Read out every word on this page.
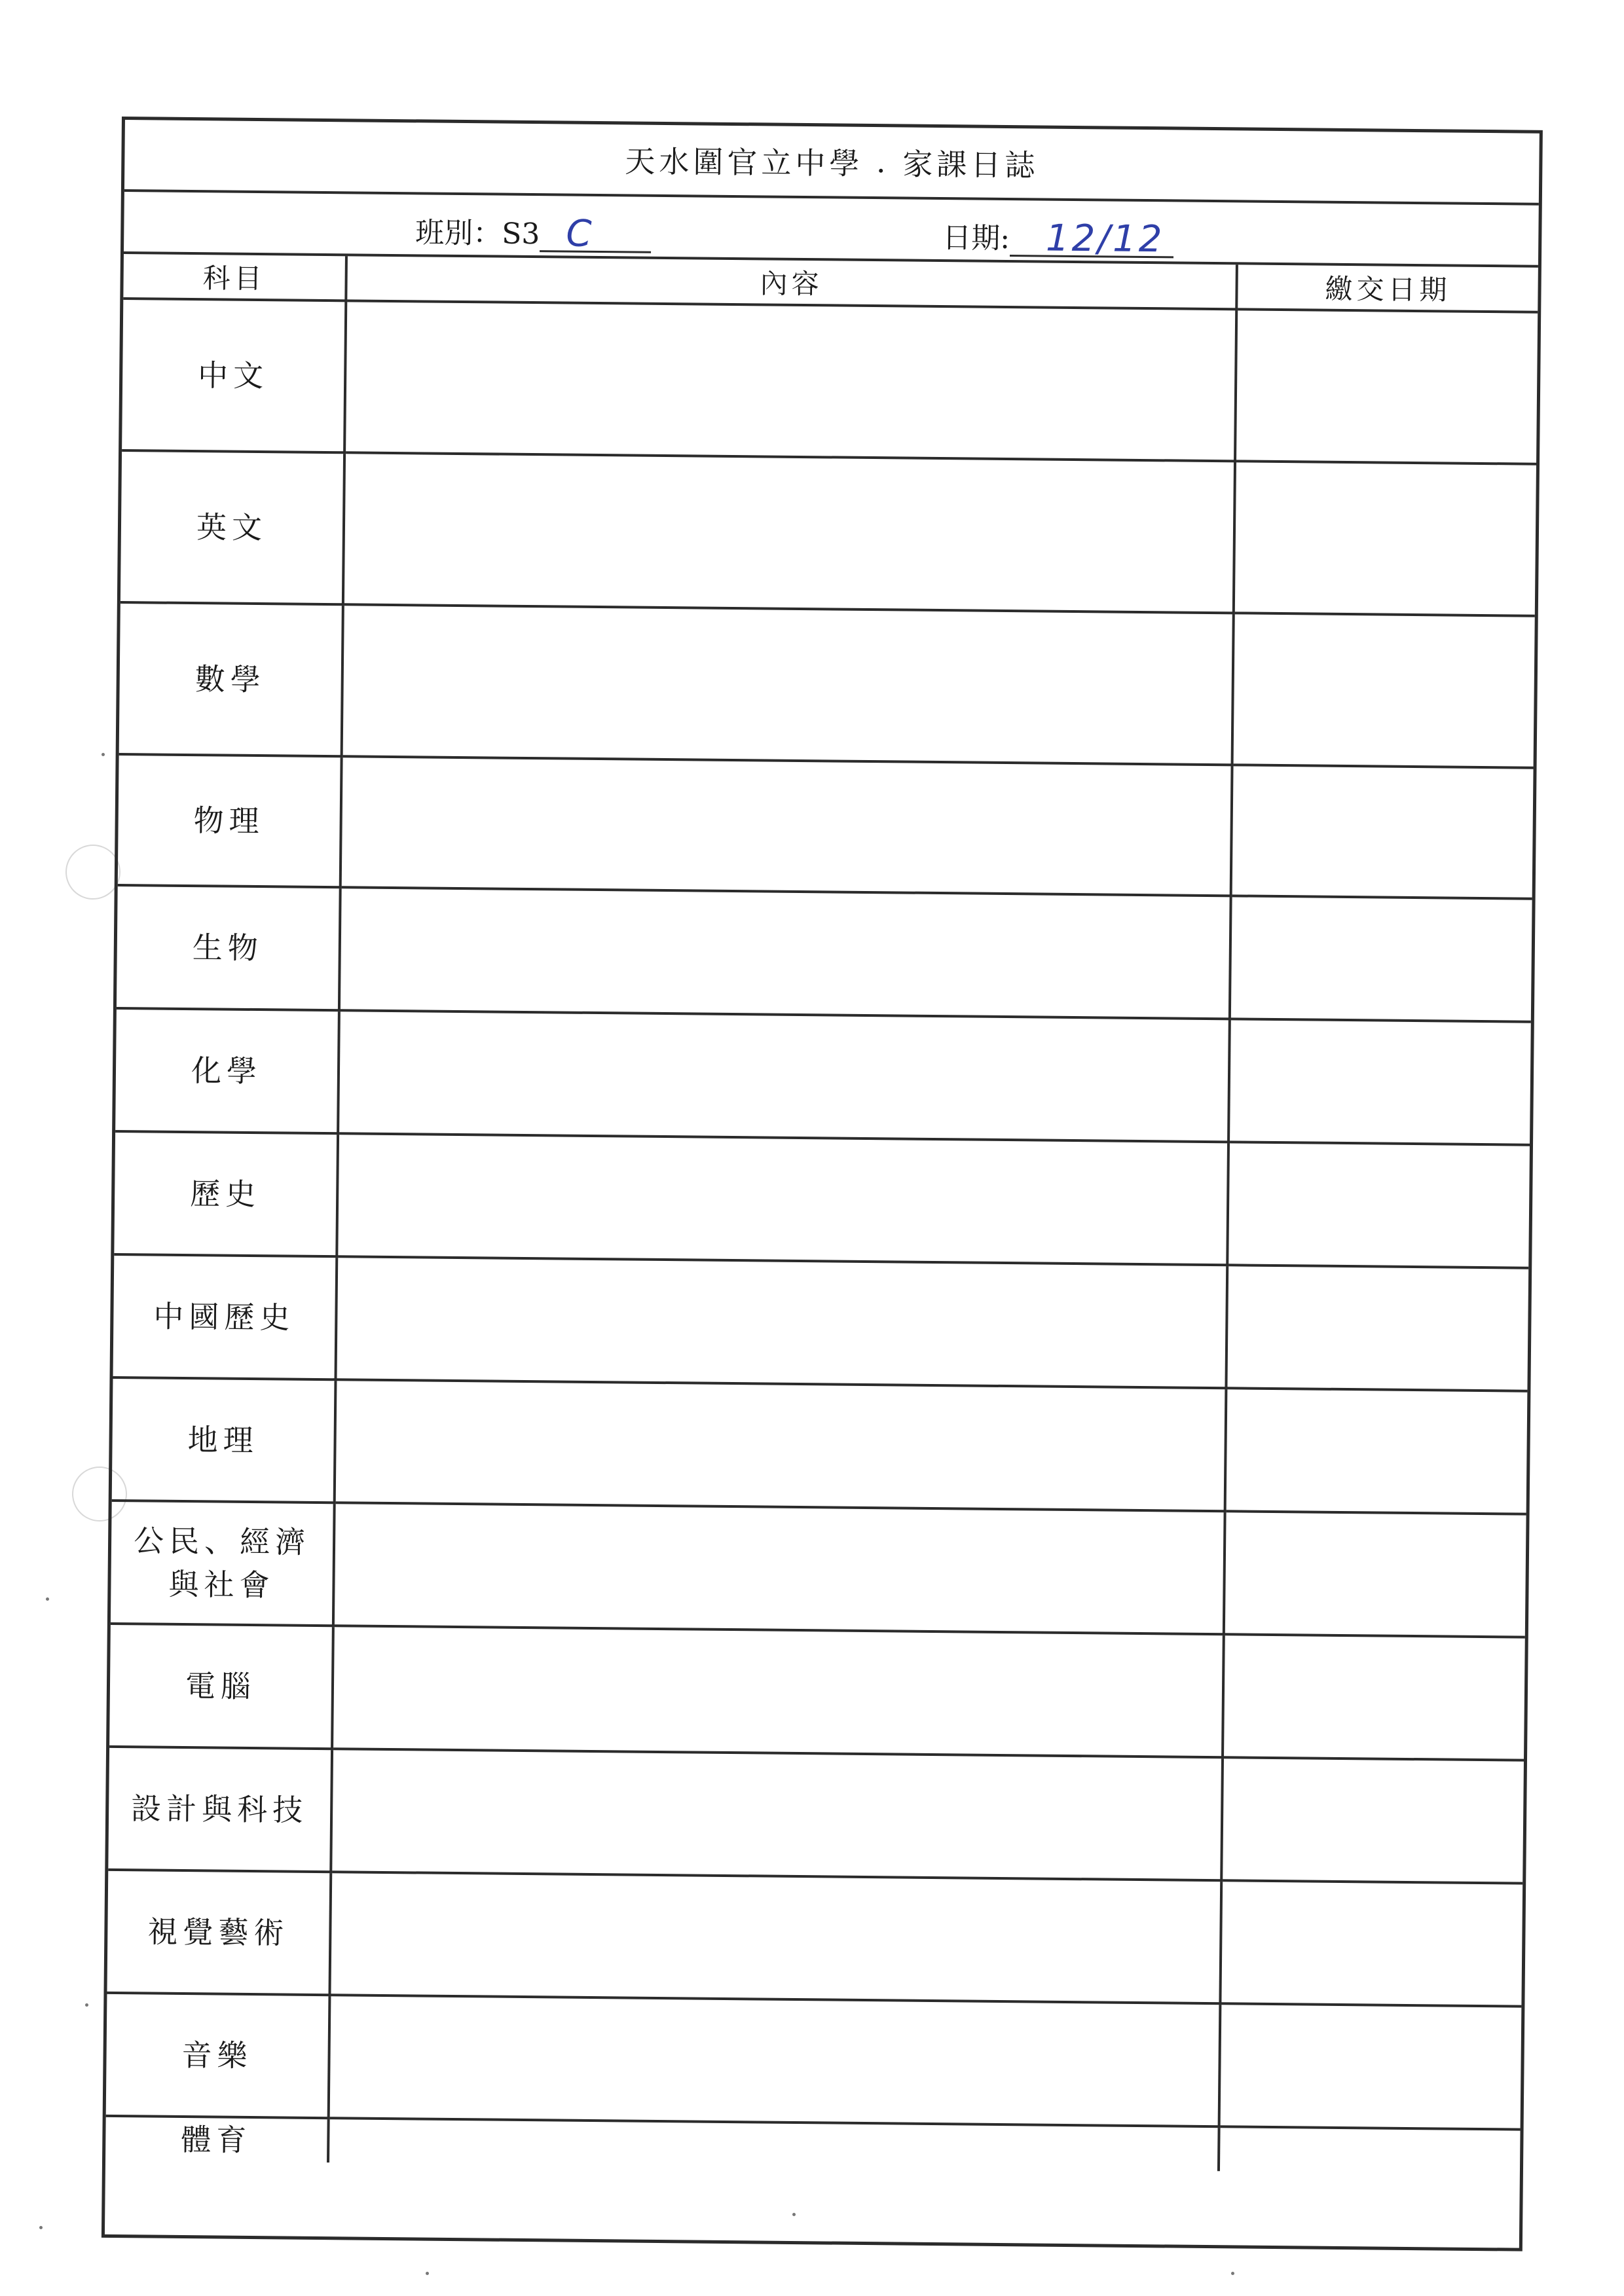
天水圍官立中學 . 家課日誌
班別：S3 C	日期: 12/12
科目	內容	繳交日期
中文		
英文		
數學		
物理		
生物		
化學		
歷史		
中國歷史		
地理		
公民、經濟與社會		
電腦		
設計與科技		
視覺藝術		
音樂		
體育		
